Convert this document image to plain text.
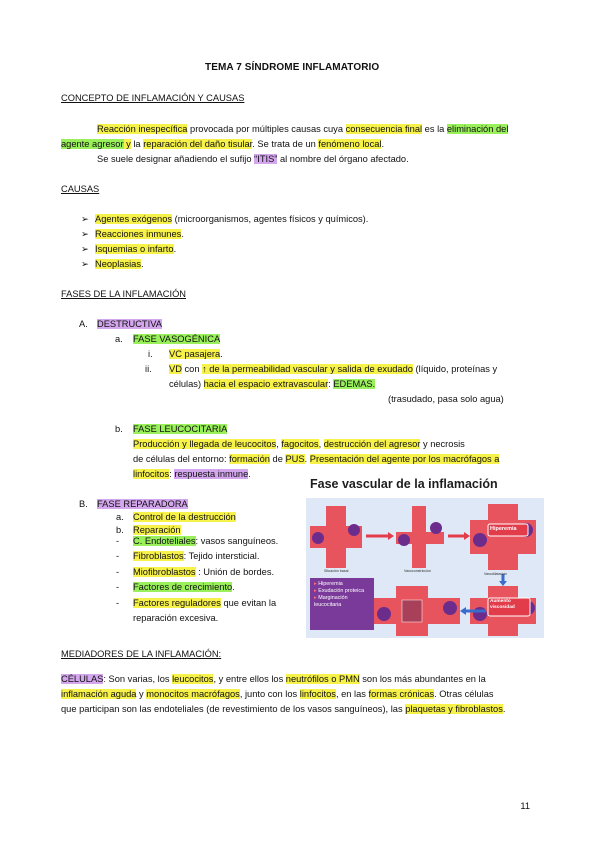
TEMA 7 SÍNDROME INFLAMATORIO
CONCEPTO DE INFLAMACIÓN Y CAUSAS
Reacción inespecífica provocada por múltiples causas cuya consecuencia final es la eliminación del
agente agresor y la reparación del daño tisular. Se trata de un fenómeno local.
Se suele designar añadiendo el sufijo “ITIS” al nombre del órgano afectado.
CAUSAS
➢ Agentes exógenos (microorganismos, agentes físicos y químicos).
➢ Reacciones inmunes.
➢ Isquemias o infarto.
➢ Neoplasias.
FASES DE LA INFLAMACIÓN
A. DESTRUCTIVA
a. FASE VASOGÉNICA
i. VC pasajera.
ii. VD con ↑ de la permeabilidad vascular y salida de exudado (líquido, proteínas y
células) hacia el espacio extravascular: EDEMAS.
(trasudado, pasa solo agua)
b. FASE LEUCOCITARIA
Producción y llegada de leucocitos, fagocitos, destrucción del agresor y necrosis
de células del entorno: formación de PUS. Presentación del agente por los macrófagos a
linfocitos: respuesta inmune.
B. FASE REPARADORA
a. Control de la destrucción
b. Reparación
- C. Endoteliales: vasos sanguíneos.
- Fibroblastos: Tejido intersticial.
- Miofibroblastos : Unión de bordes.
- Factores de crecimiento.
- Factores reguladores que evitan la
reparación excesiva.
Fase vascular de la inflamación
Situación basal	Vasoconstricción
Vasodilatación
Hiperemia
Aumento viscosidad
▸ Hiperemia
▸ Exudación proteica
▸ Marginación leucocitaria
MEDIADORES DE LA INFLAMACIÓN:
CÉLULAS: Son varias, los leucocitos, y entre ellos los neutrófilos o PMN son los más abundantes en la
inflamación aguda y monocitos macrófagos, junto con los linfocitos, en las formas crónicas. Otras células
que participan son las endoteliales (de revestimiento de los vasos sanguíneos), las plaquetas y fibroblastos.
11
